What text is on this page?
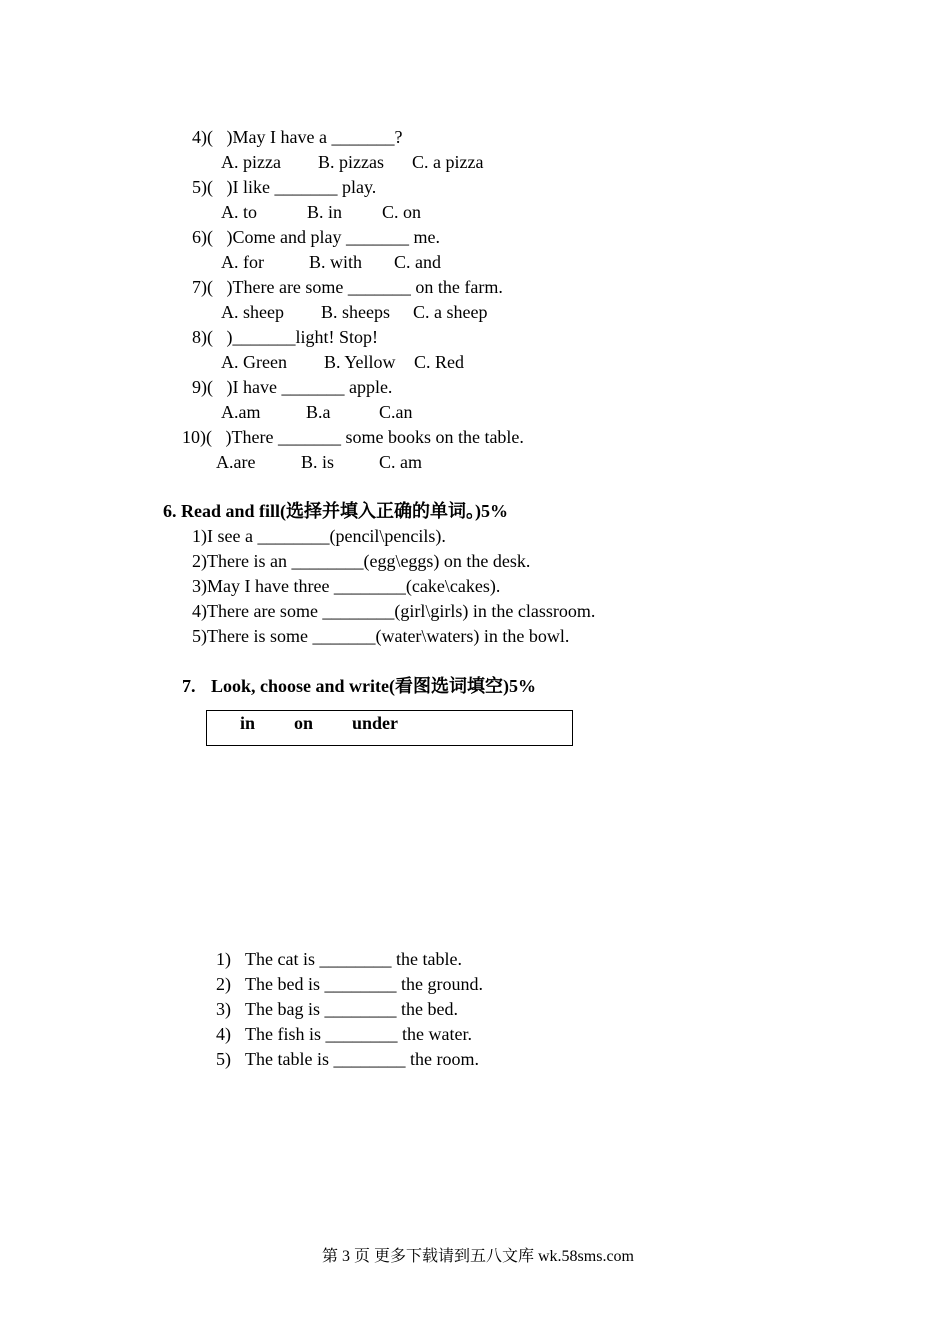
4)(   )May I have a _______?
A. pizza B. pizzas C. a pizza
5)(   )I like _______ play.
A. to	B. in C. on
6)(   )Come and play _______ me.
A. for	B. with C. and
7)(   )There are some _______ on the farm.
A. sheep B. sheeps C. a sheep
8)(   )_______light! Stop!
A. Green B. Yellow C. Red
9)(   )I have _______ apple.
A.am	B.a	C.an
10)(   )There _______ some books on the table.
A.are	B. is C. am
6. Read and fill(选择并填入正确的单词。)5%
1)I see a ________(pencil\pencils).
2)There is an ________(egg\eggs) on the desk.
3)May I have three ________(cake\cakes).
4)There are some ________(girl\girls) in the classroom.
5)There is some _______(water\waters) in the bowl.
7. Look, choose and write(看图选词填空)5%
in on under
1) The cat is ________ the table.
2) The bed is ________ the ground.
3) The bag is ________ the bed.
4) The fish is ________ the water.
5) The table is ________ the room.
第 3 页 更多下载请到五八文库 wk.58sms.com
